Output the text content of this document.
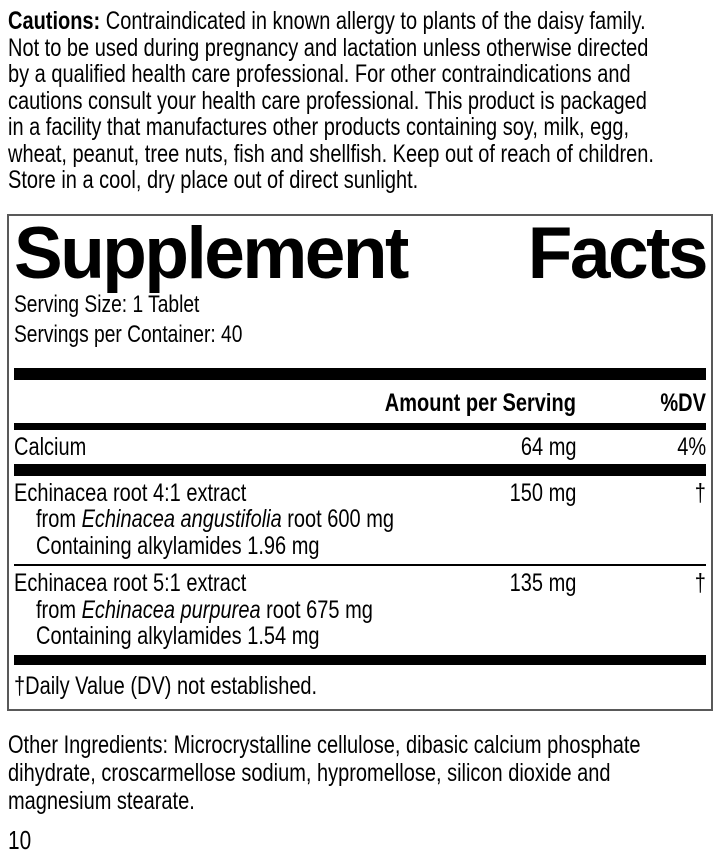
Cautions: Contraindicated in known allergy to plants of the daisy family.
Not to be used during pregnancy and lactation unless otherwise directed
by a qualified health care professional. For other contraindications and
cautions consult your health care professional. This product is packaged
in a facility that manufactures other products containing soy, milk, egg,
wheat, peanut, tree nuts, fish and shellfish. Keep out of reach of children.
Store in a cool, dry place out of direct sunlight.
Supplement Facts
Serving Size: 1 Tablet
Servings per Container: 40
Amount per Serving	%DV
Calcium	64 mg	4%
Echinacea root 4:1 extract	150 mg	†
from Echinacea angustifolia root 600 mg
Containing alkylamides 1.96 mg
Echinacea root 5:1 extract	135 mg	†
from Echinacea purpurea root 675 mg
Containing alkylamides 1.54 mg
†Daily Value (DV) not established.
Other Ingredients: Microcrystalline cellulose, dibasic calcium phosphate
dihydrate, croscarmellose sodium, hypromellose, silicon dioxide and
magnesium stearate.
10
